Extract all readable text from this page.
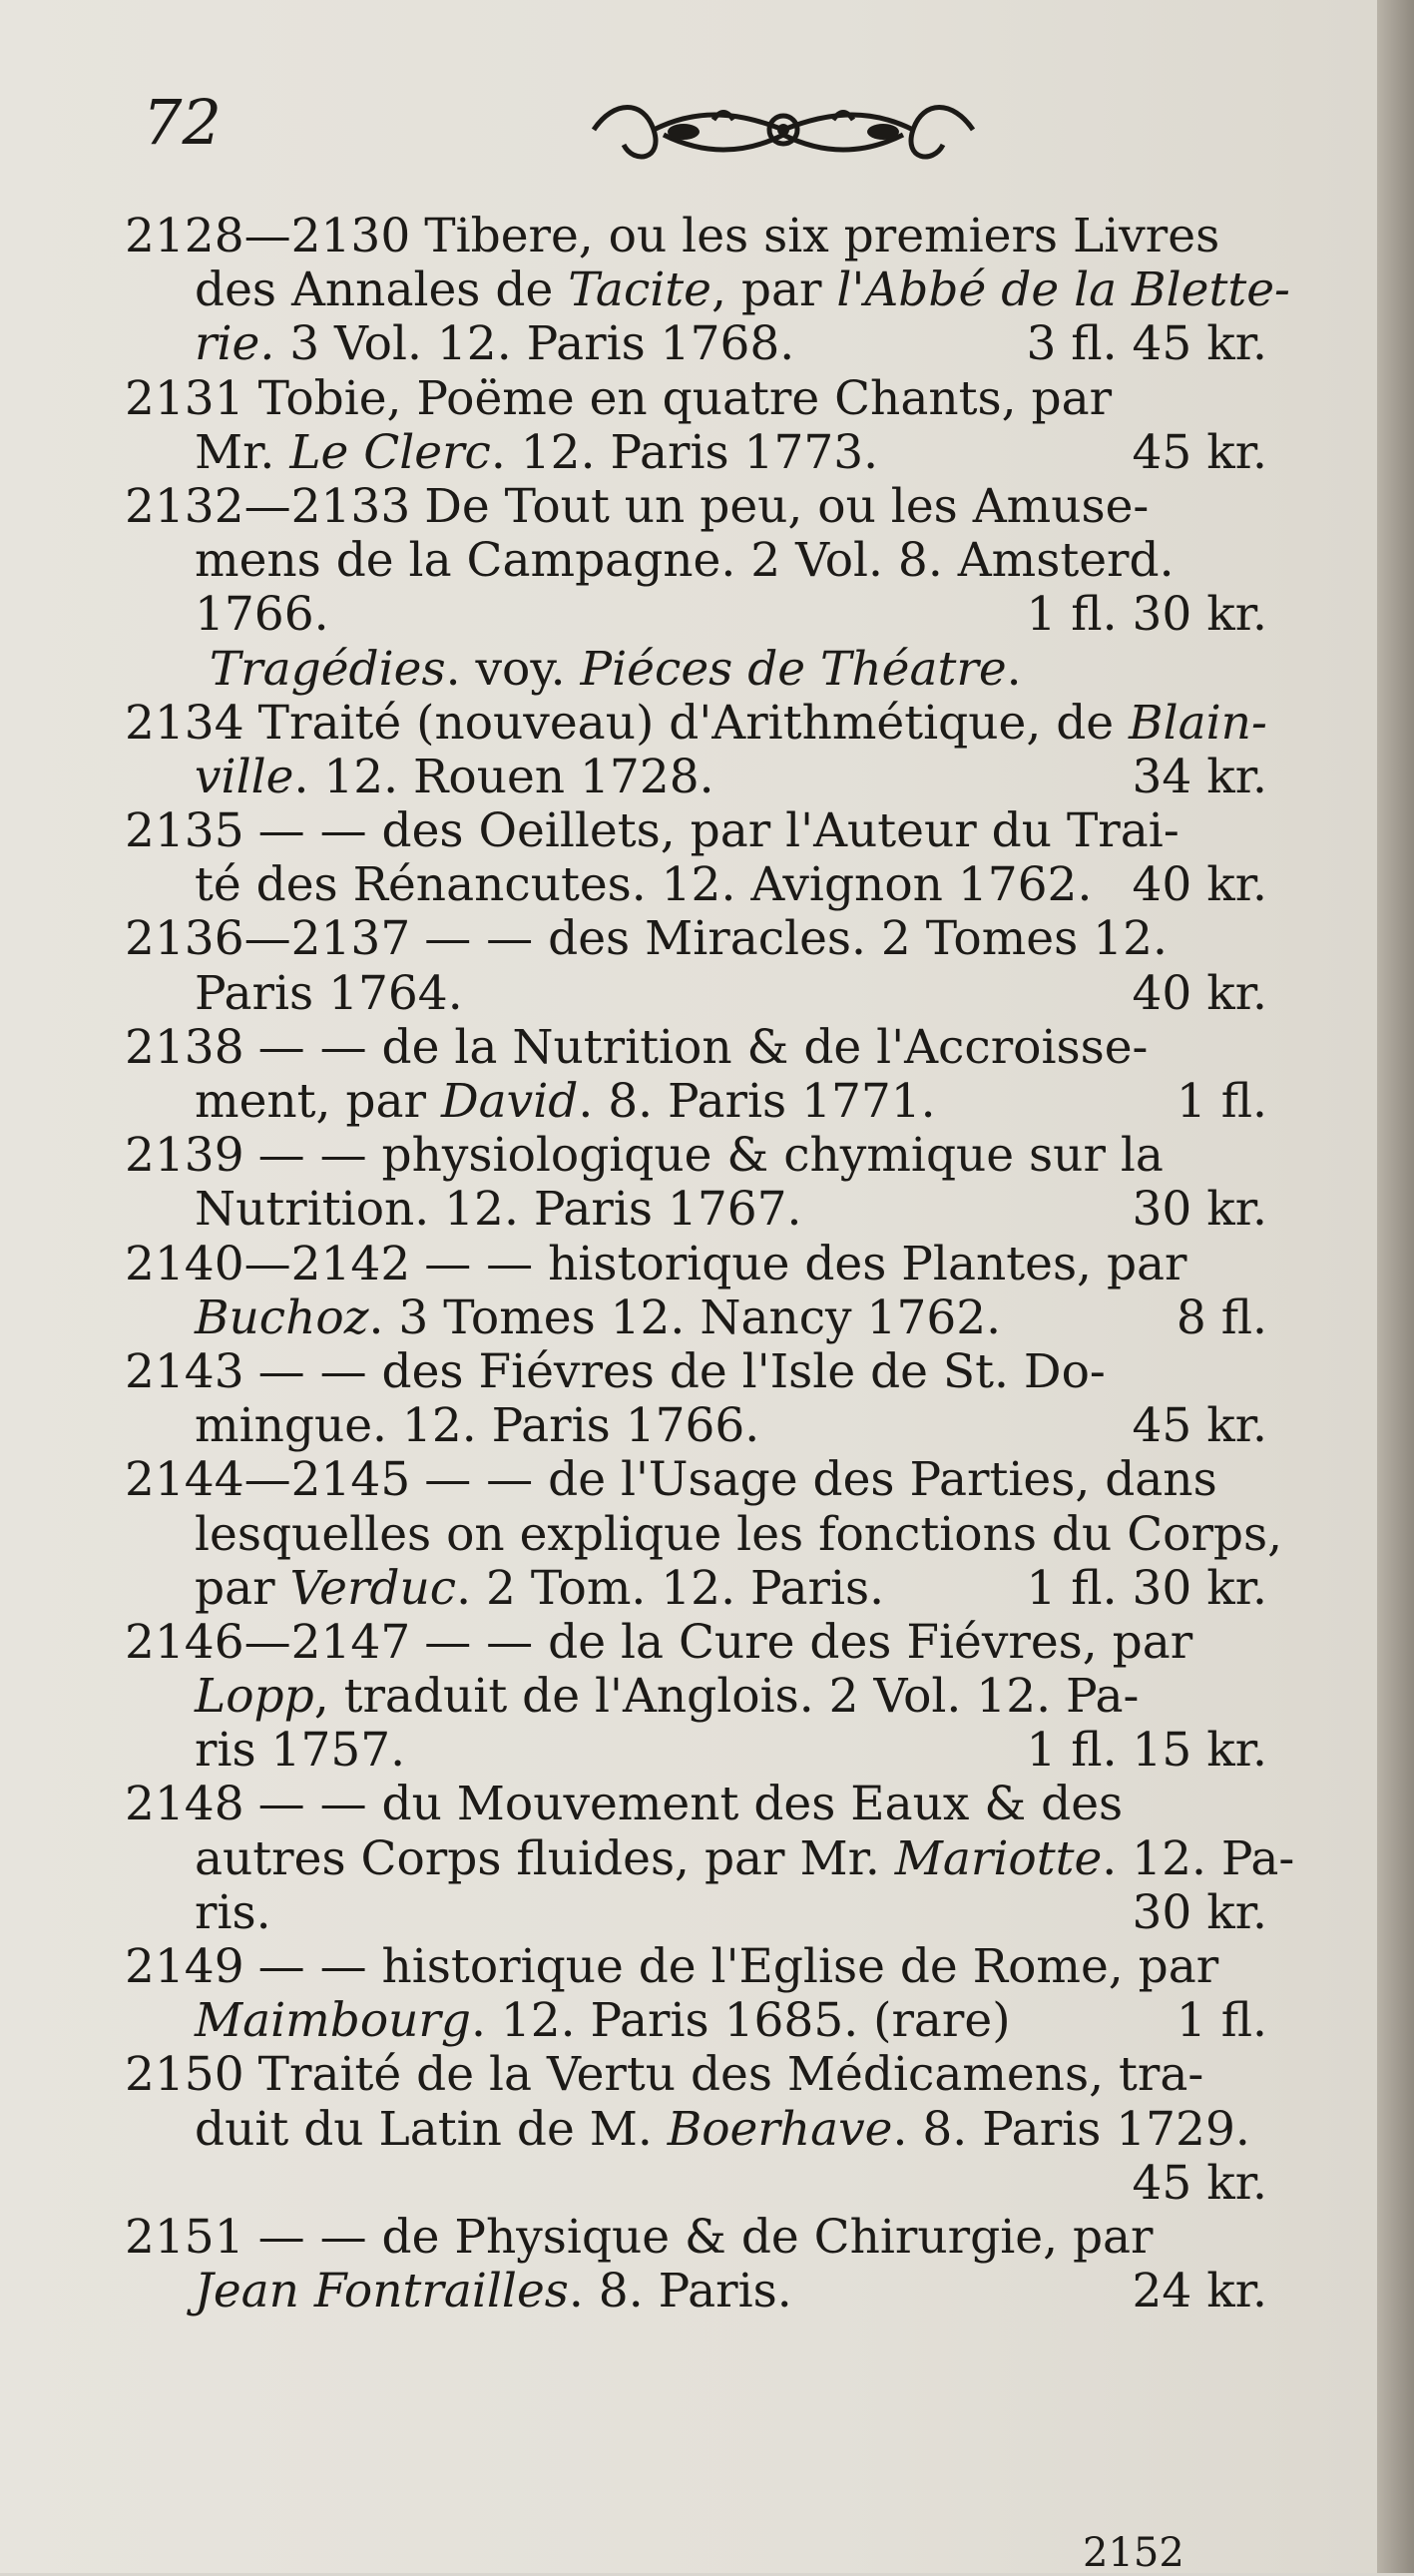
72
2128—2130 Tibere, ou les six premiers Livres
des Annales de Tacite, par l'Abbé de la Blette-
rie. 3 Vol. 12. Paris 1768.	3 fl. 45 kr.
2131 Tobie, Poëme en quatre Chants, par
Mr. Le Clerc. 12. Paris 1773.	45 kr.
2132—2133 De Tout un peu, ou les Amuse-
mens de la Campagne. 2 Vol. 8. Amsterd.
1766.	1 fl. 30 kr.
Tragédies. voy. Piéces de Théatre.
2134 Traité (nouveau) d'Arithmétique, de Blain-
ville. 12. Rouen 1728.	34 kr.
2135 — — des Oeillets, par l'Auteur du Trai-
té des Rénancutes. 12. Avignon 1762. 40 kr.
2136—2137 — — des Miracles. 2 Tomes 12.
Paris 1764.	40 kr.
2138 — — de la Nutrition & de l'Accroisse-
ment, par David. 8. Paris 1771.	1 fl.
2139 — — physiologique & chymique sur la
Nutrition. 12. Paris 1767.	30 kr.
2140—2142 — — historique des Plantes, par
Buchoz. 3 Tomes 12. Nancy 1762.	8 fl.
2143 — — des Fiévres de l'Isle de St. Do-
mingue. 12. Paris 1766.	45 kr.
2144—2145 — — de l'Usage des Parties, dans
lesquelles on explique les fonctions du Corps,
par Verduc. 2 Tom. 12. Paris.	1 fl. 30 kr.
2146—2147 — — de la Cure des Fiévres, par
Lopp, traduit de l'Anglois. 2 Vol. 12. Pa-
ris 1757.	1 fl. 15 kr.
2148 — — du Mouvement des Eaux & des
autres Corps fluides, par Mr. Mariotte. 12. Pa-
ris.	30 kr.
2149 — — historique de l'Eglise de Rome, par
Maimbourg. 12. Paris 1685. (rare)	1 fl.
2150 Traité de la Vertu des Médicamens, tra-
duit du Latin de M. Boerhave. 8. Paris 1729.
45 kr.
2151 — — de Physique & de Chirurgie, par
Jean Fontrailles. 8. Paris.	24 kr.
2152
